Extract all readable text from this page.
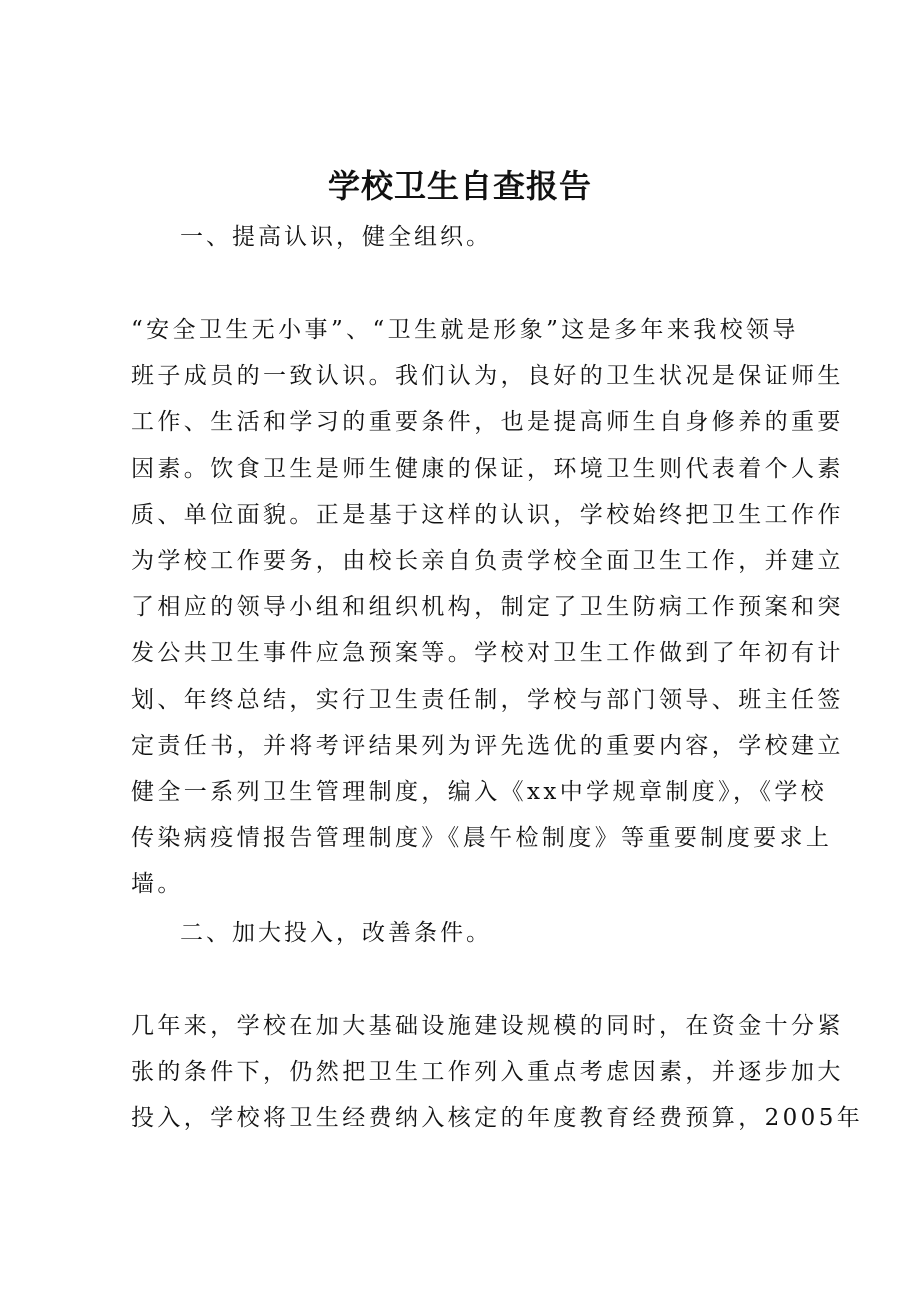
学校卫生自查报告
一、提高认识，健全组织。
“安全卫生无小事”、“卫生就是形象”这是多年来我校领导
班子成员的一致认识。我们认为，良好的卫生状况是保证师生
工作、生活和学习的重要条件，也是提高师生自身修养的重要
因素。饮食卫生是师生健康的保证，环境卫生则代表着个人素
质、单位面貌。正是基于这样的认识，学校始终把卫生工作作
为学校工作要务，由校长亲自负责学校全面卫生工作，并建立
了相应的领导小组和组织机构，制定了卫生防病工作预案和突
发公共卫生事件应急预案等。学校对卫生工作做到了年初有计
划、年终总结，实行卫生责任制，学校与部门领导、班主任签
定责任书，并将考评结果列为评先选优的重要内容，学校建立
健全一系列卫生管理制度，编入《xx中学规章制度》，《学校
传染病疫情报告管理制度》《晨午检制度》等重要制度要求上
墙。
二、加大投入，改善条件。
几年来，学校在加大基础设施建设规模的同时，在资金十分紧
张的条件下，仍然把卫生工作列入重点考虑因素，并逐步加大
投入，学校将卫生经费纳入核定的年度教育经费预算，2005年
